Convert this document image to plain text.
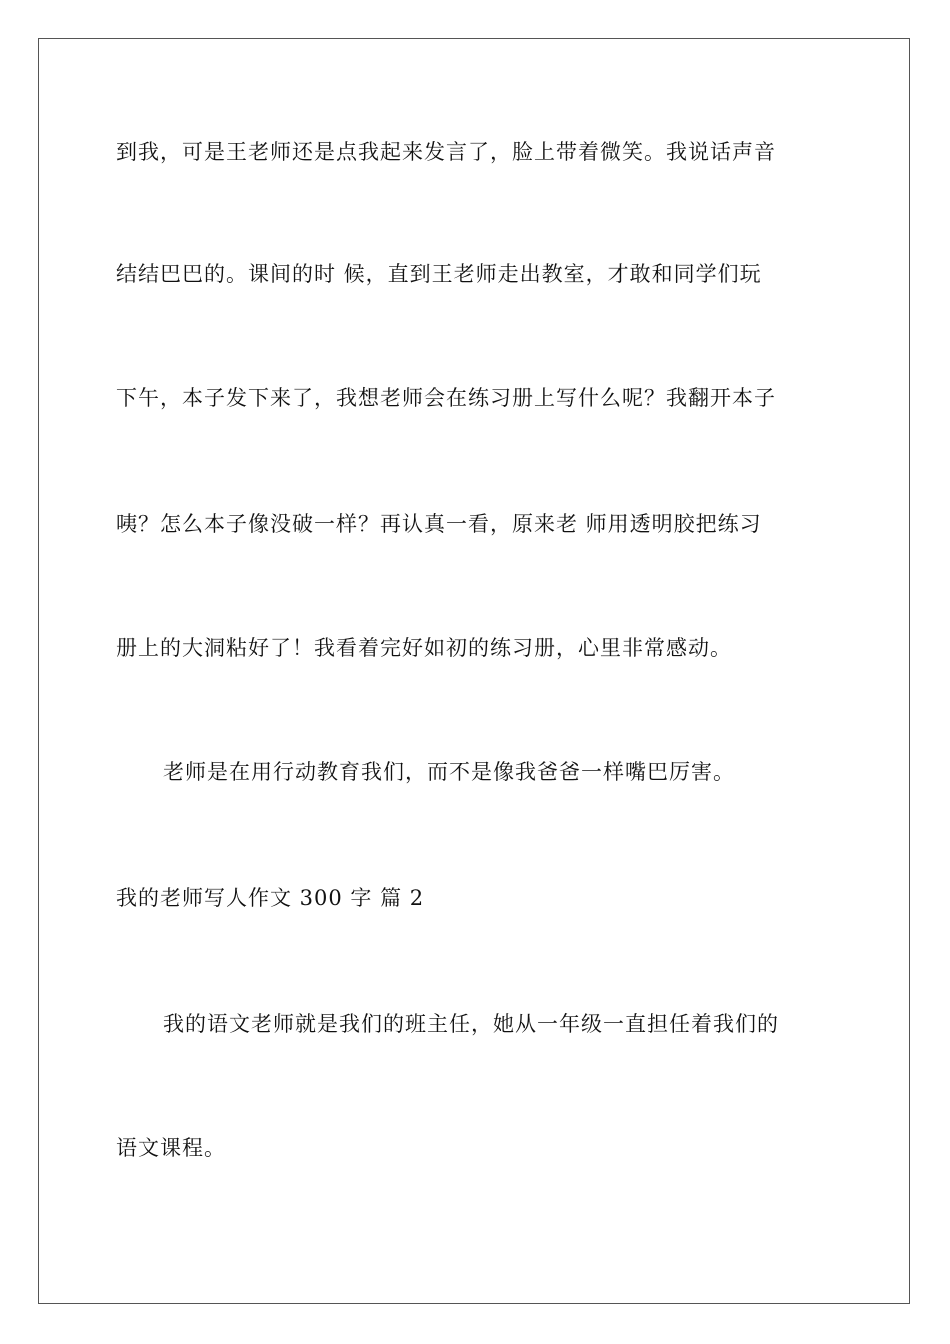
到我，可是王老师还是点我起来发言了，脸上带着微笑。我说话声音
结结巴巴的。课间的时 候，直到王老师走出教室，才敢和同学们玩
下午，本子发下来了，我想老师会在练习册上写什么呢？我翻开本子
咦？怎么本子像没破一样？再认真一看，原来老 师用透明胶把练习
册上的大洞粘好了！我看着完好如初的练习册，心里非常感动。
老师是在用行动教育我们，而不是像我爸爸一样嘴巴厉害。
我的老师写人作文 300 字 篇 2
我的语文老师就是我们的班主任，她从一年级一直担任着我们的
语文课程。
